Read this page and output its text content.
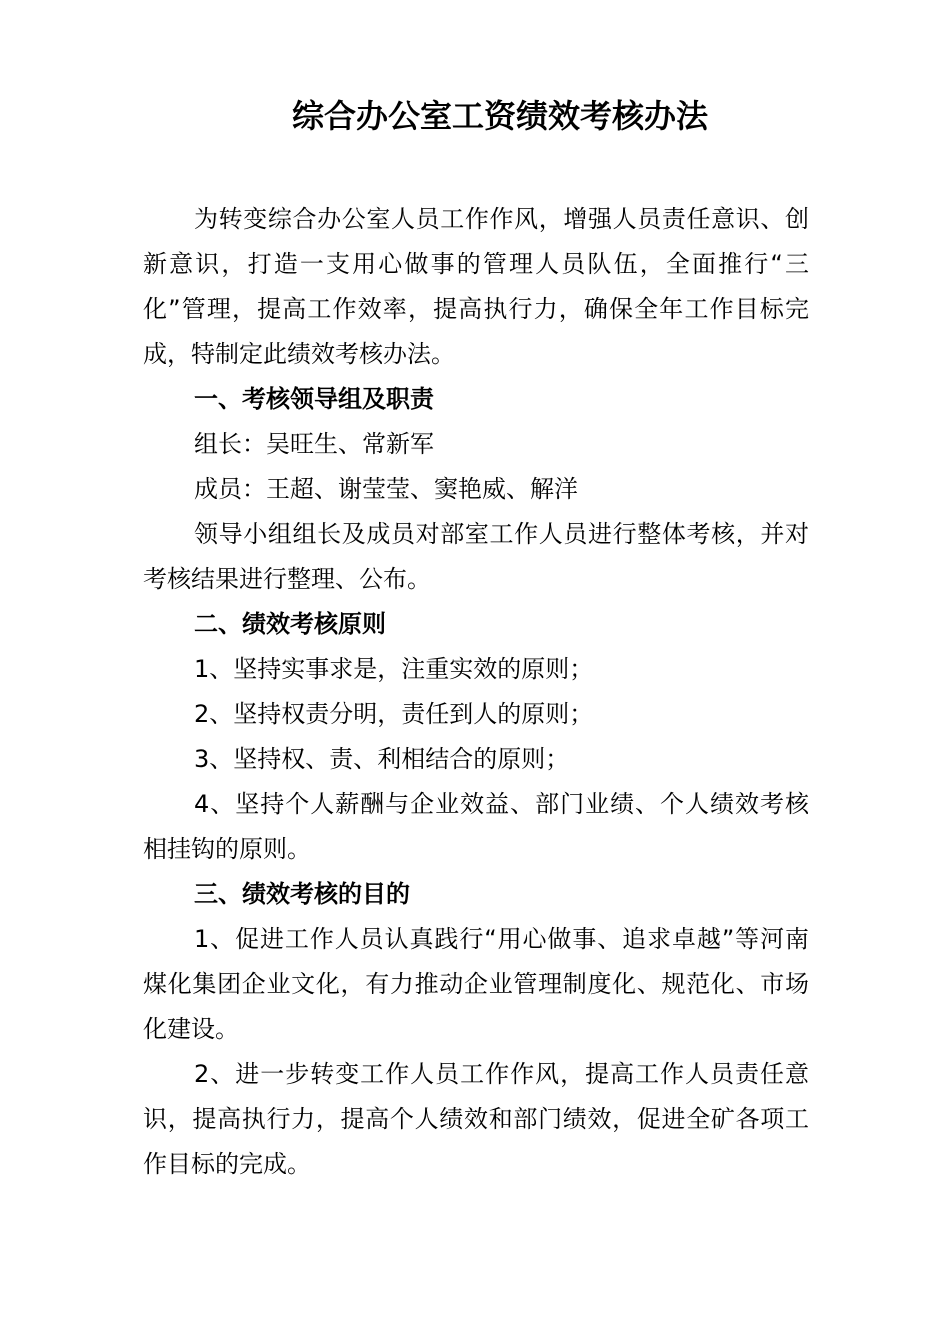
综合办公室工资绩效考核办法

为转变综合办公室人员工作作风，增强人员责任意识、创新意识，打造一支用心做事的管理人员队伍，全面推行“三化”管理，提高工作效率，提高执行力，确保全年工作目标完成，特制定此绩效考核办法。

一、考核领导组及职责

组长：吴旺生、常新军

成员：王超、谢莹莹、窦艳威、解洋

领导小组组长及成员对部室工作人员进行整体考核，并对考核结果进行整理、公布。

二、绩效考核原则

1、坚持实事求是，注重实效的原则；

2、坚持权责分明，责任到人的原则；

3、坚持权、责、利相结合的原则；

4、坚持个人薪酬与企业效益、部门业绩、个人绩效考核相挂钩的原则。

三、绩效考核的目的

1、促进工作人员认真践行“用心做事、追求卓越”等河南煤化集团企业文化，有力推动企业管理制度化、规范化、市场化建设。

2、进一步转变工作人员工作作风，提高工作人员责任意识，提高执行力，提高个人绩效和部门绩效，促进全矿各项工作目标的完成。
